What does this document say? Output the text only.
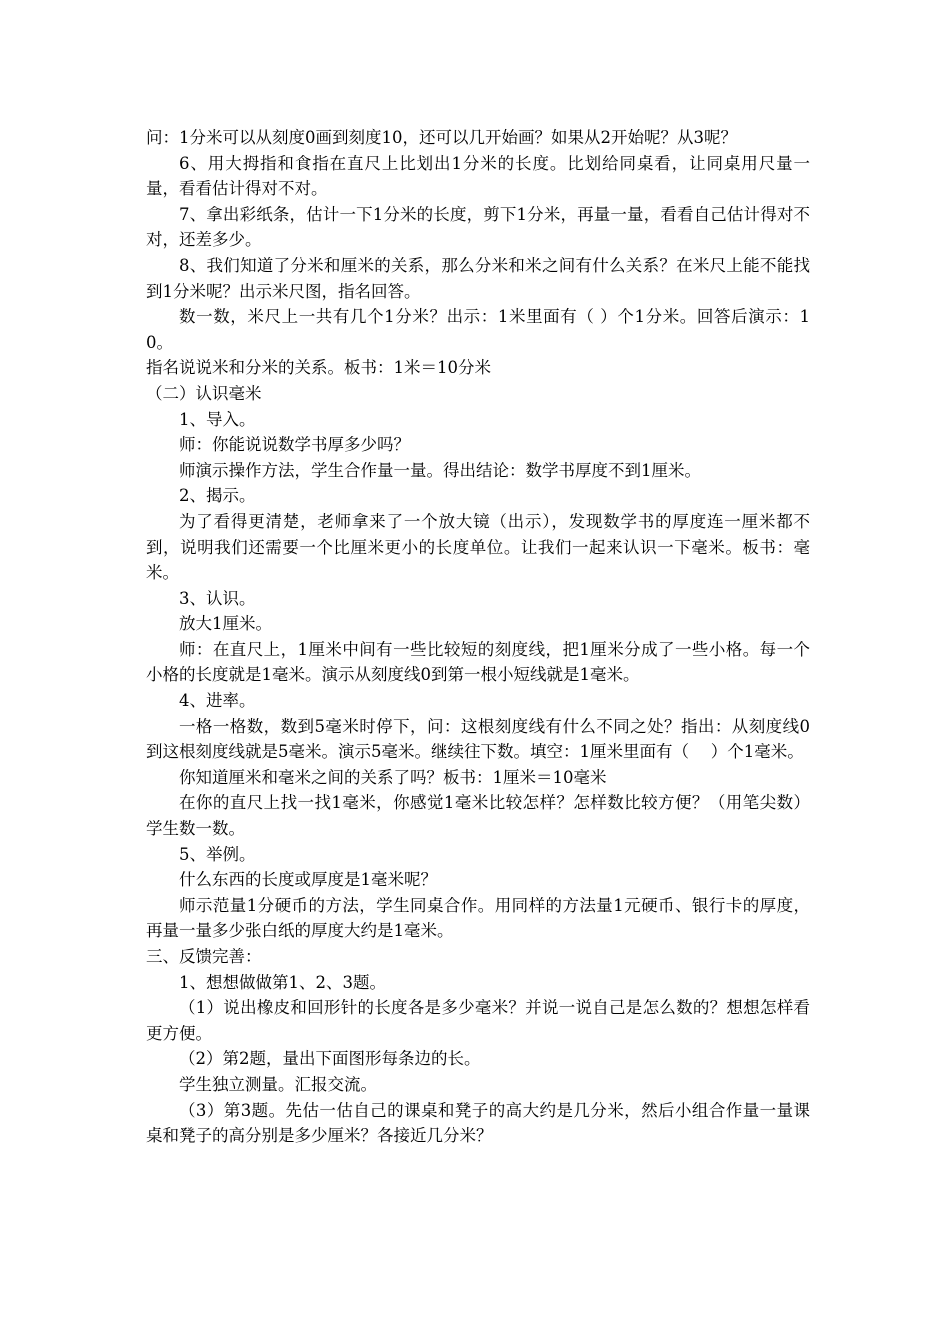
问：1分米可以从刻度0画到刻度10，还可以几开始画？如果从2开始呢？从3呢？

6、用大拇指和食指在直尺上比划出1分米的长度。比划给同桌看，让同桌用尺量一量，看看估计得对不对。

7、拿出彩纸条，估计一下1分米的长度，剪下1分米，再量一量，看看自己估计得对不对，还差多少。

8、我们知道了分米和厘米的关系，那么分米和米之间有什么关系？在米尺上能不能找到1分米呢？出示米尺图，指名回答。

数一数，米尺上一共有几个1分米？出示：1米里面有（ ）个1分米。回答后演示：10。

指名说说米和分米的关系。板书：1米＝10分米

（二）认识毫米

1、导入。

师：你能说说数学书厚多少吗？

师演示操作方法，学生合作量一量。得出结论：数学书厚度不到1厘米。

2、揭示。

为了看得更清楚，老师拿来了一个放大镜（出示），发现数学书的厚度连一厘米都不到，说明我们还需要一个比厘米更小的长度单位。让我们一起来认识一下毫米。板书：毫米。

3、认识。

放大1厘米。

师：在直尺上，1厘米中间有一些比较短的刻度线，把1厘米分成了一些小格。每一个小格的长度就是1毫米。演示从刻度线0到第一根小短线就是1毫米。

4、进率。

一格一格数，数到5毫米时停下，问：这根刻度线有什么不同之处？指出：从刻度线0到这根刻度线就是5毫米。演示5毫米。继续往下数。填空：1厘米里面有（　 ）个1毫米。

你知道厘米和毫米之间的关系了吗？板书：1厘米＝10毫米

在你的直尺上找一找1毫米，你感觉1毫米比较怎样？怎样数比较方便？（用笔尖数）学生数一数。

5、举例。

什么东西的长度或厚度是1毫米呢？

师示范量1分硬币的方法，学生同桌合作。用同样的方法量1元硬币、银行卡的厚度，再量一量多少张白纸的厚度大约是1毫米。

三、反馈完善：

1、想想做做第1、2、3题。

（1）说出橡皮和回形针的长度各是多少毫米？并说一说自己是怎么数的？想想怎样看更方便。

（2）第2题，量出下面图形每条边的长。

学生独立测量。汇报交流。

（3）第3题。先估一估自己的课桌和凳子的高大约是几分米，然后小组合作量一量课桌和凳子的高分别是多少厘米？各接近几分米？
